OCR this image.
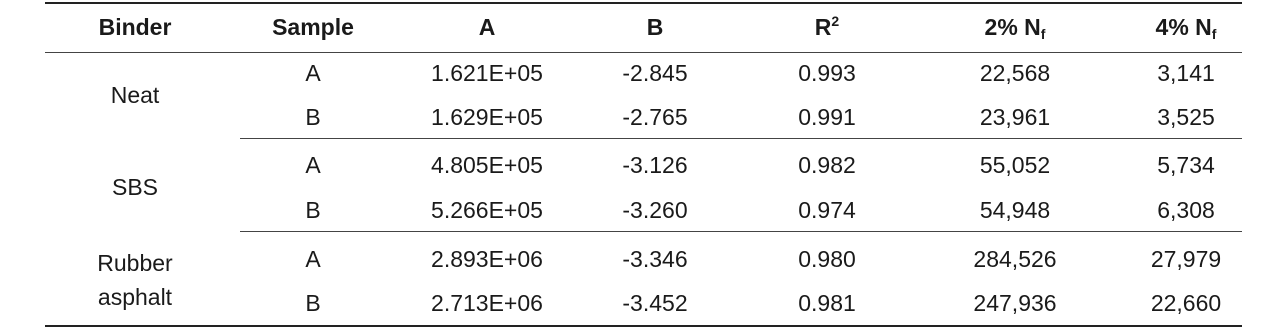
Binder	Sample	A	B	$R^2$	2% $N_f$	4% $N_f$
Neat
A	1.621E+05	-2.845	0.993	22,568	3,141
B	1.629E+05	-2.765	0.991	23,961	3,525
SBS
A	4.805E+05	-3.126	0.982	55,052	5,734
B	5.266E+05	-3.260	0.974	54,948	6,308
Rubber
asphalt
A	2.893E+06	-3.346	0.980	284,526	27,979
B	2.713E+06	-3.452	0.981	247,936	22,660
